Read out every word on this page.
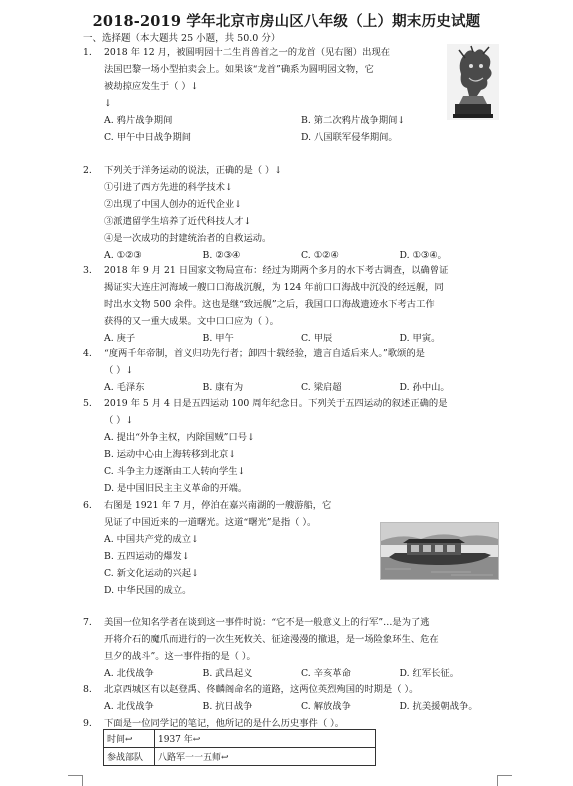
2018-2019 学年北京市房山区八年级（上）期末历史试题
一、选择题（本大题共 25 小题，共 50.0 分）
1.	2018 年 12 月，被圆明园十二生肖兽首之一的龙首（见右图）出现在
法国巴黎一场小型拍卖会上。如果该“龙首”确系为圆明园文物，它
被劫掠应发生于（ ）↓
↓
A. 鸦片战争期间	B. 第二次鸦片战争期间↓
C. 甲午中日战争期间	D. 八国联军侵华期间。
2.	下列关于洋务运动的说法，正确的是（ ）↓
①引进了西方先进的科学技术↓
②出现了中国人创办的近代企业↓
③派遣留学生培养了近代科技人才↓
④是一次成功的封建统治者的自救运动。
A. ①②③	B. ②③④	C. ①②④	D. ①③④。
3.	2018 年 9 月 21 日国家文物局宣布：经过为期两个多月的水下考古调查，以确曾证
揭证实大连庄河海域一艘口口海战沉舰，为 124 年前口口海战中沉没的经远舰，同
时出水文物 500 余件。这也是继“致远舰”之后，我国口口海战遗迹水下考古工作
获得的又一重大成果。文中口口应为（ ）。
A. 庚子	B. 甲午	C. 甲辰	D. 甲寅。
4.	“度两千年帝制，首义归功先行者；卸四十载经验，遗言自适后来人。”歌颂的是
（ ）↓
A. 毛泽东	B. 康有为	C. 梁启超	D. 孙中山。
5.	2019 年 5 月 4 日是五四运动 100 周年纪念日。下列关于五四运动的叙述正确的是
（ ）↓
A. 提出“外争主权，内除国贼”口号↓
B. 运动中心由上海转移到北京↓
C. 斗争主力逐渐由工人转向学生↓
D. 是中国旧民主主义革命的开端。
6.	右图是 1921 年 7 月，停泊在嘉兴南湖的一艘游船，它
见证了中国近来的一道曙光。这道“曙光”是指（ ）。
A. 中国共产党的成立↓
B. 五四运动的爆发↓
C. 新文化运动的兴起↓
D. 中华民国的成立。
7.	美国一位知名学者在谈到这一事件时说：“它不是一般意义上的行军”…是为了逃
开将介石的魔爪而进行的一次生死攸关、征途漫漫的撤退，是一场险象环生、危在
旦夕的战斗”。这一事件指的是（ ）。
A. 北伐战争	B. 武昌起义	C. 辛亥革命	D. 红军长征。
8.	北京西城区有以赵登禹、佟麟阁命名的道路，这两位英烈殉国的时期是（ ）。
A. 北伐战争	B. 抗日战争	C. 解放战争	D. 抗美援朝战争。
9.	下面是一位同学记的笔记，他所记的是什么历史事件（ ）。
时间↩	1937 年↩
参战部队	八路军一一五师↩
